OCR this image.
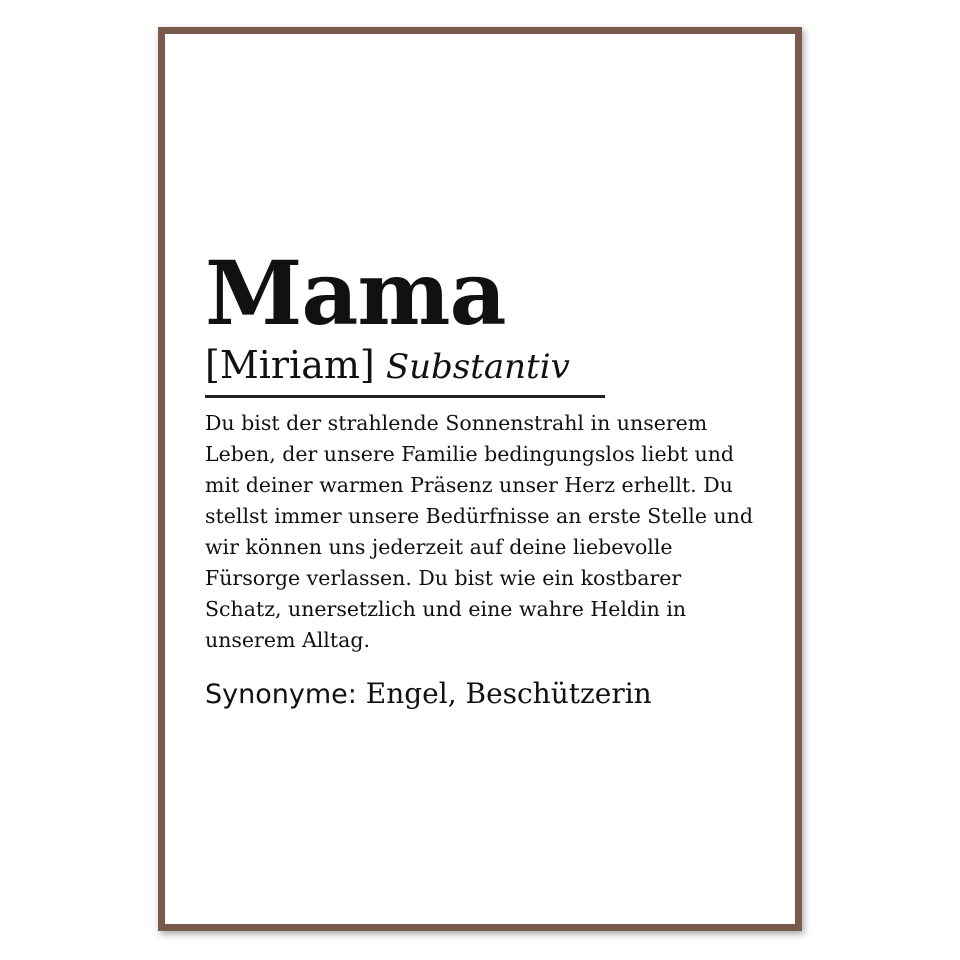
Mama
[Miriam] Substantiv

Du bist der strahlende Sonnenstrahl in unserem Leben, der unsere Familie bedingungslos liebt und mit deiner warmen Präsenz unser Herz erhellt. Du stellst immer unsere Bedürfnisse an erste Stelle und wir können uns jederzeit auf deine liebevolle Fürsorge verlassen. Du bist wie ein kostbarer Schatz, unersetzlich und eine wahre Heldin in unserem Alltag.

Synonyme: Engel, Beschützerin
